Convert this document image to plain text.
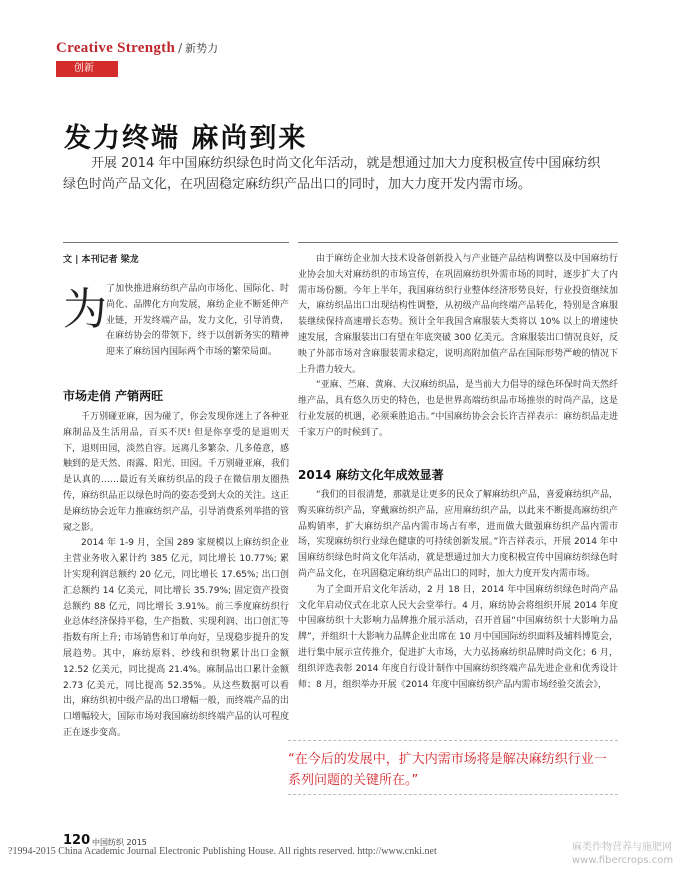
Creative Strength / 新势力
创新
发力终端 麻尚到来

开展 2014 年中国麻纺织绿色时尚文化年活动，就是想通过加大力度积极宣传中国麻纺织绿色时尚产品文化，在巩固稳定麻纺织产品出口的同时，加大力度开发内需市场。

文 | 本刊记者 梁龙
为 了加快推进麻纺织产品向市场化、国际化、时尚化、品牌化方向发展，麻纺企业不断延伸产业链，开发终端产品，发力文化，引导消费，在麻纺协会的带领下，终于以创新务实的精神迎来了麻纺国内国际两个市场的繁荣局面。

千万别碰亚麻，因为碰了，你会发现你迷上了各种亚麻制品及生活用品，百买不厌! 但是你享受的是退则天下，退则田园，淡然自容。远离几多繁杂、几多倦意，感触到的是天然、雨露、阳光、田园。千万别碰亚麻，我们是认真的……最近有关麻纺织品的段子在微信朋友圈热传，麻纺织品正以绿色时尚的姿态受到大众的关注。这正是麻纺协会近年力推麻纺织产品，引导消费系列举措的管窥之影。

2014 年 1-9 月，全国 289 家规模以上麻纺织企业主营业务收入累计约 385 亿元，同比增长 10.77%; 累计实现利润总额约 20 亿元，同比增长 17.65%; 出口创汇总额约 14 亿美元，同比增长 35.79%; 固定资产投资总额约 88 亿元，同比增长 3.91%。前三季度麻纺织行业总体经济保持平稳，生产指数、实现利润、出口创汇等指数有所上升; 市场销售和订单向好，呈现稳步提升的发展趋势。其中，麻纺原料、纱线和织物累计出口金额 12.52 亿美元，同比提高 21.4%。麻制品出口累计金额 2.73 亿美元，同比提高 52.35%。从这些数据可以看出，麻纺织初中级产品的出口增幅一般，而终端产品的出口增幅较大，国际市场对我国麻纺织终端产品的认可程度正在逐步变高。

市场走俏 产销两旺

由于麻纺企业加大技术设备创新投入与产业链产品结构调整以及中国麻纺行业协会加大对麻纺织的市场宣传，在巩固麻纺织外需市场的同时，逐步扩大了内需市场份额。今年上半年，我国麻纺织行业整体经济形势良好，行业投资继续加大，麻纺织品出口出现结构性调整，从初级产品向终端产品转化，特别是含麻服装继续保持高速增长态势。预计全年我国含麻服装大类将以 10% 以上的增速快速发展，含麻服装出口有望在年底突破 300 亿美元。含麻服装出口情况良好，反映了外部市场对含麻服装需求稳定，说明高附加值产品在国际形势严峻的情况下上升潜力较大。

“亚麻、苎麻、黄麻、大汉麻纺织品，是当前大力倡导的绿色环保时尚天然纤维产品，具有悠久历史的特色，也是世界高端纺织品市场推崇的时尚产品，这是行业发展的机遇，必须乘胜追击。”中国麻纺协会会长许吉祥表示：麻纺织品走进千家万户的时候到了。

2014 麻纺文化年成效显著

“我们的目很清楚，那就是让更多的民众了解麻纺织产品，喜爱麻纺织产品，购买麻纺织产品，穿戴麻纺织产品，应用麻纺织产品，以此来不断提高麻纺织产品购销率，扩大麻纺织产品内需市场占有率，进而做大做强麻纺织产品内需市场，实现麻纺织行业绿色健康的可持续创新发展。”许吉祥表示，开展 2014 年中国麻纺织绿色时尚文化年活动，就是想通过加大力度积极宣传中国麻纺织绿色时尚产品文化，在巩固稳定麻纺织产品出口的同时，加大力度开发内需市场。

为了全面开启文化年活动，2 月 18 日，2014 年中国麻纺织绿色时尚产品文化年启动仪式在北京人民大会堂举行。4 月，麻纺协会将组织开展 2014 年度中国麻纺织十大影响力品牌推介展示活动，召开首届“中国麻纺织十大影响力品牌”，并组织十大影响力品牌企业出席在 10 月中国国际纺织面料及辅料博览会，进行集中展示宣传推介，促进扩大市场，大力弘扬麻纺织品牌时尚文化；6 月，组织评选表彰 2014 年度自行设计制作中国麻纺织终端产品先进企业和优秀设计师；8 月，组织举办开展《2014 年度中国麻纺织产品内需市场经验交流会》，

“在今后的发展中，扩大内需市场将是解决麻纺织行业一系列问题的关键所在。”
120 中国纺织 2015
?1994-2015 China Academic Journal Electronic Publishing House. All rights reserved. http://www.cnki.net	麻类作物营养与施肥网
www.fibercrops.com
